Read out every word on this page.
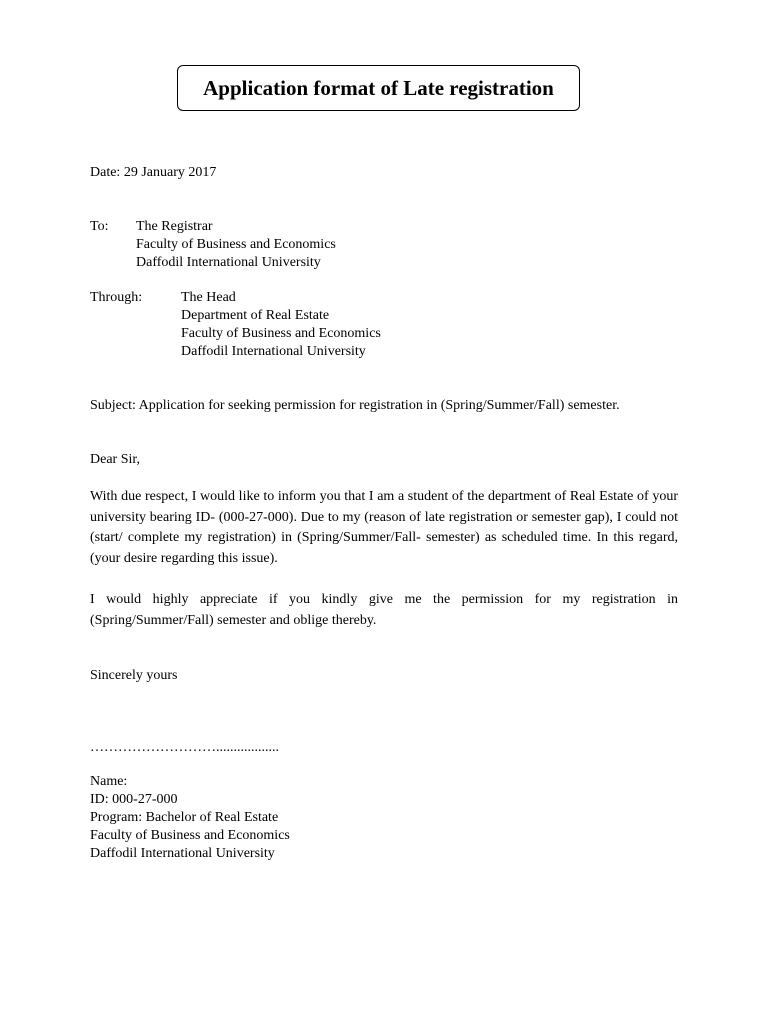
Application format of Late registration
Date: 29 January 2017
To: The Registrar
Faculty of Business and Economics
Daffodil International University
Through:	The Head
Department of Real Estate
Faculty of Business and Economics
Daffodil International University
Subject: Application for seeking permission for registration in (Spring/Summer/Fall) semester.
Dear Sir,
With due respect, I would like to inform you that I am a student of the department of Real Estate of your university bearing ID- (000-27-000). Due to my (reason of late registration or semester gap), I could not (start/ complete my registration) in (Spring/Summer/Fall- semester) as scheduled time. In this regard, (your desire regarding this issue).
I would highly appreciate if you kindly give me the permission for my registration in (Spring/Summer/Fall) semester and oblige thereby.
Sincerely yours
………………………..................
Name:
ID: 000-27-000
Program: Bachelor of Real Estate
Faculty of Business and Economics
Daffodil International University
